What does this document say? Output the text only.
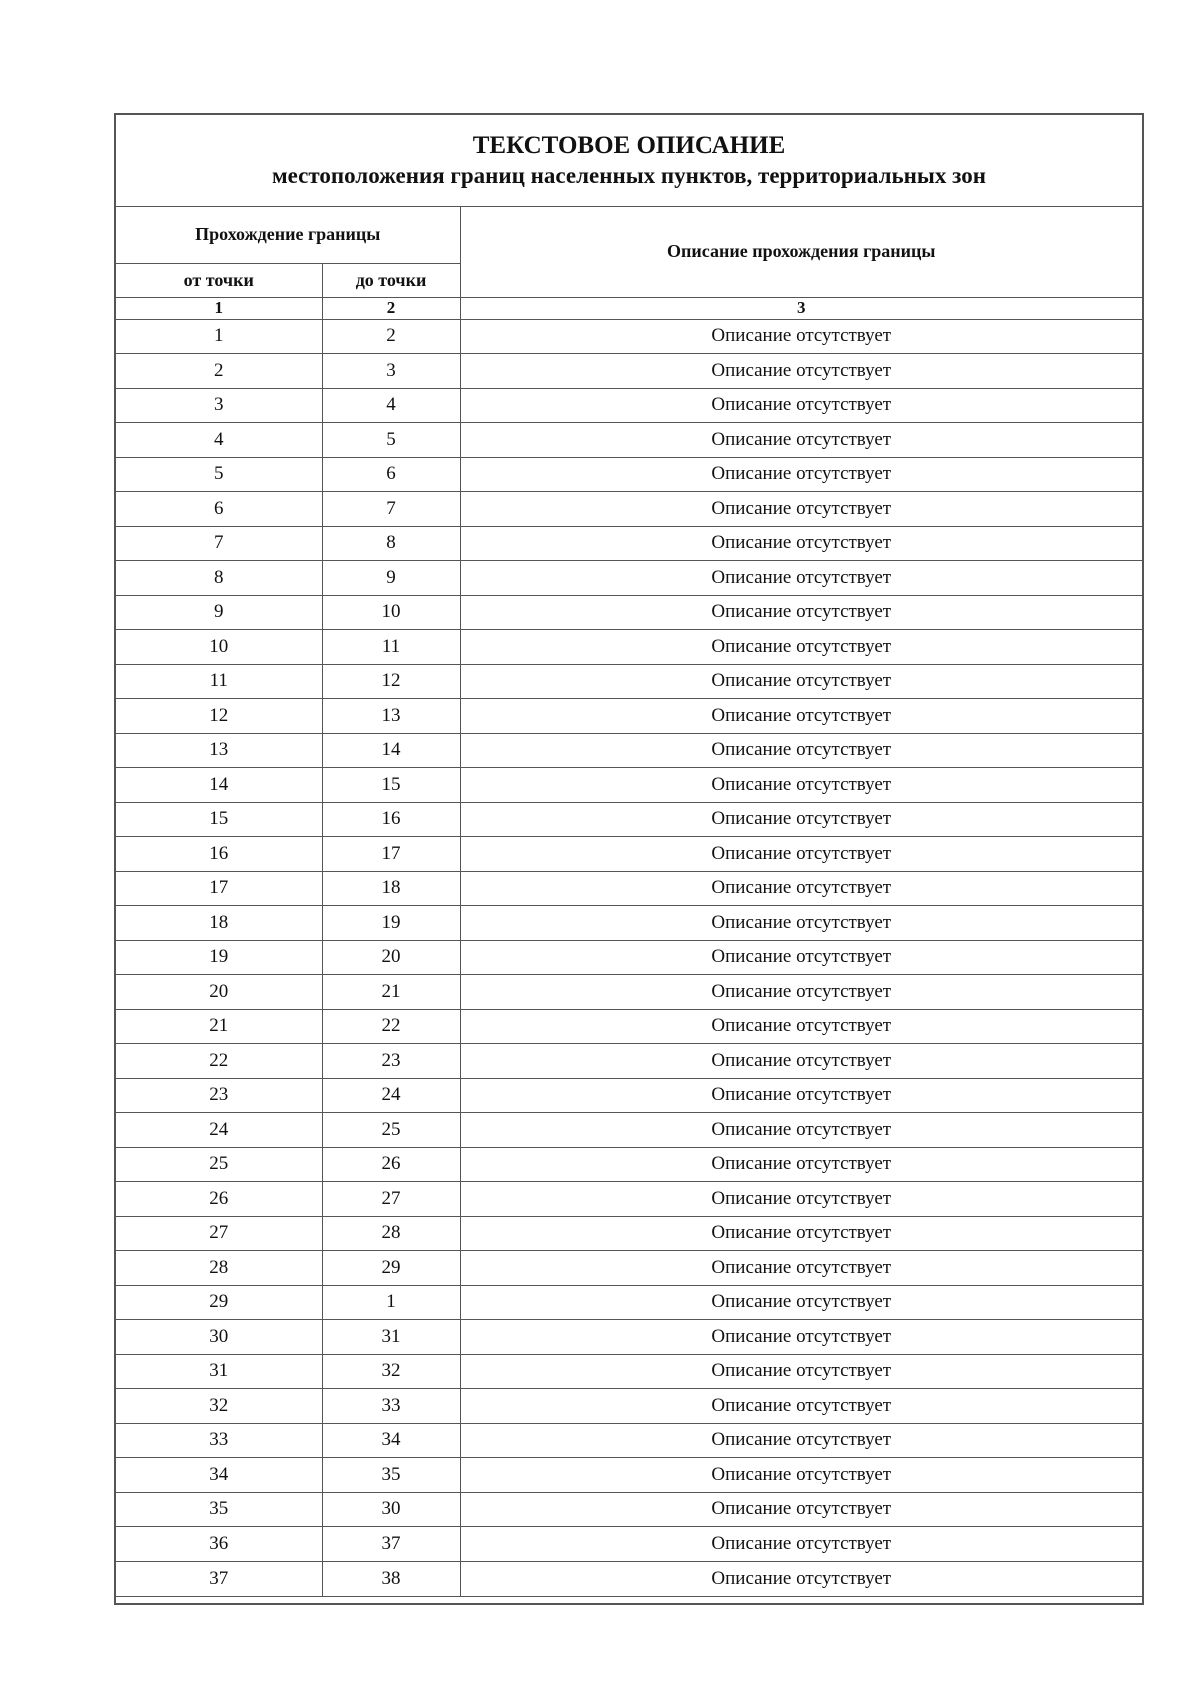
ТЕКСТОВОЕ ОПИСАНИЕ
местоположения границ населенных пунктов, территориальных зон
Прохождение границы		Описание прохождения границы
от точки	до точки	
1	2	3
1	2	Описание отсутствует
2	3	Описание отсутствует
3	4	Описание отсутствует
4	5	Описание отсутствует
5	6	Описание отсутствует
6	7	Описание отсутствует
7	8	Описание отсутствует
8	9	Описание отсутствует
9	10	Описание отсутствует
10	11	Описание отсутствует
11	12	Описание отсутствует
12	13	Описание отсутствует
13	14	Описание отсутствует
14	15	Описание отсутствует
15	16	Описание отсутствует
16	17	Описание отсутствует
17	18	Описание отсутствует
18	19	Описание отсутствует
19	20	Описание отсутствует
20	21	Описание отсутствует
21	22	Описание отсутствует
22	23	Описание отсутствует
23	24	Описание отсутствует
24	25	Описание отсутствует
25	26	Описание отсутствует
26	27	Описание отсутствует
27	28	Описание отсутствует
28	29	Описание отсутствует
29	1	Описание отсутствует
30	31	Описание отсутствует
31	32	Описание отсутствует
32	33	Описание отсутствует
33	34	Описание отсутствует
34	35	Описание отсутствует
35	30	Описание отсутствует
36	37	Описание отсутствует
37	38	Описание отсутствует
